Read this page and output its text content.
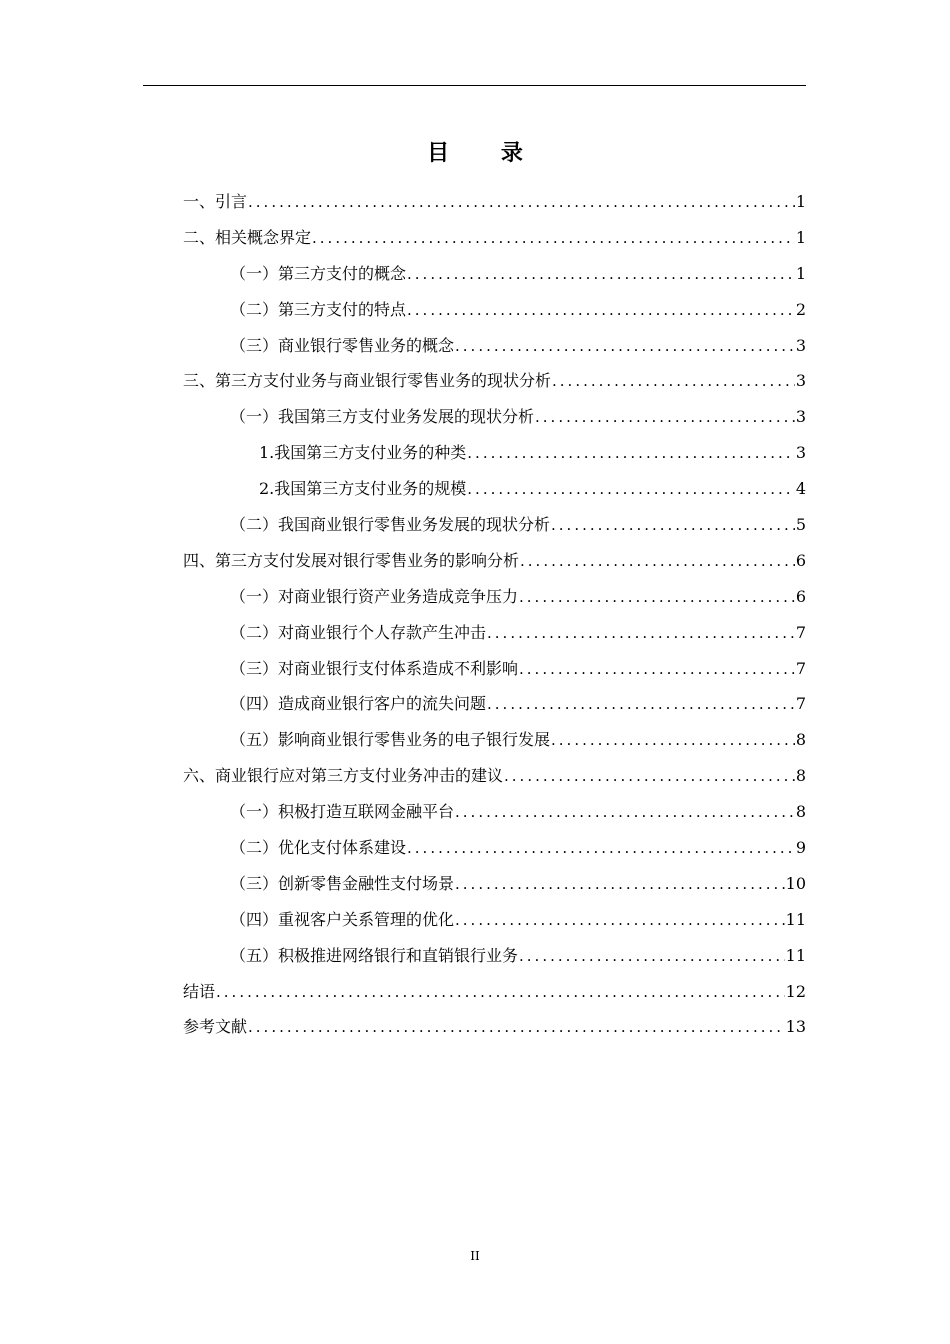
目 录
一、引言 .....	1
二、相关概念界定 .....	1
（一）第三方支付的概念 .....	1
（二）第三方支付的特点 .....	2
（三）商业银行零售业务的概念 .....	3
三、第三方支付业务与商业银行零售业务的现状分析 .....	3
（一）我国第三方支付业务发展的现状分析 .....	3
1.我国第三方支付业务的种类 .....	3
2.我国第三方支付业务的规模 .....	4
（二）我国商业银行零售业务发展的现状分析 .....	5
四、第三方支付发展对银行零售业务的影响分析 .....	6
（一）对商业银行资产业务造成竞争压力 .....	6
（二）对商业银行个人存款产生冲击 .....	7
（三）对商业银行支付体系造成不利影响 .....	7
（四）造成商业银行客户的流失问题 .....	7
（五）影响商业银行零售业务的电子银行发展 .....	8
六、商业银行应对第三方支付业务冲击的建议 .....	8
（一）积极打造互联网金融平台 .....	8
（二）优化支付体系建设 .....	9
（三）创新零售金融性支付场景 .....	10
（四）重视客户关系管理的优化 .....	11
（五）积极推进网络银行和直销银行业务 .....	11
结语 .....	12
参考文献 .....	13
II
